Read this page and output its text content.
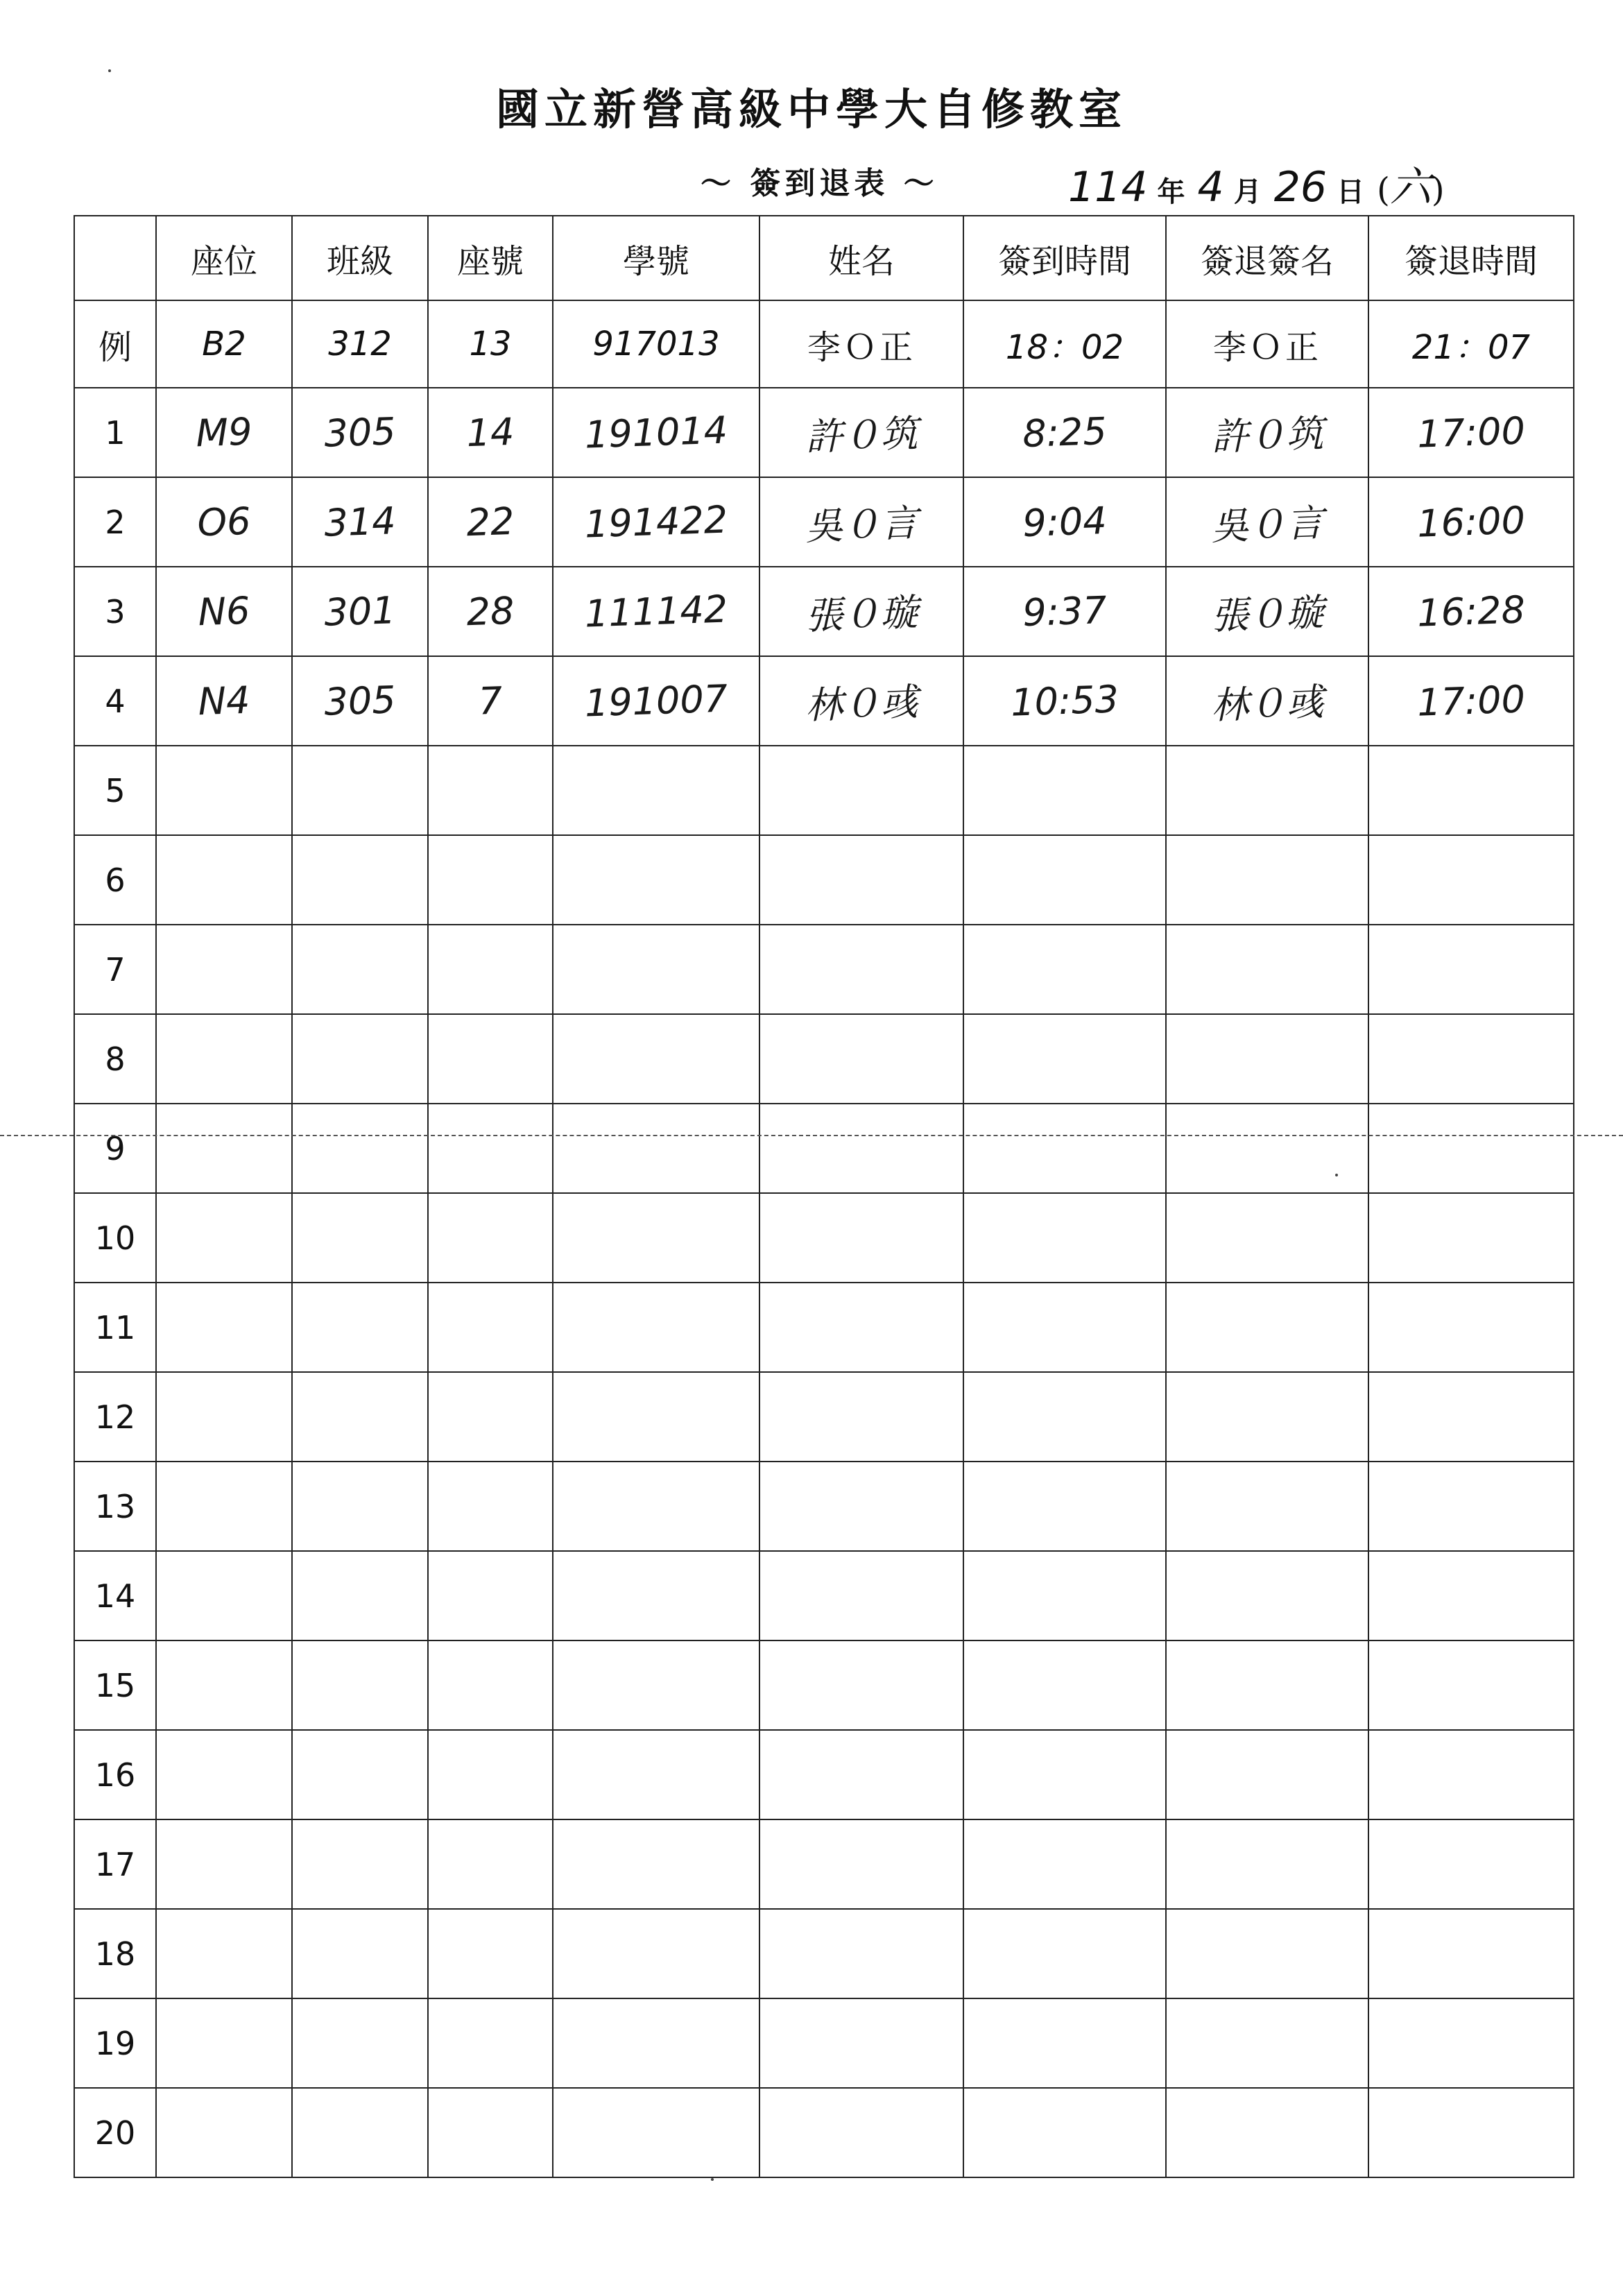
國立新營高級中學大自修教室
～ 簽到退表 ～	114 年 4 月 26 日 (六)
	座位	班級	座號	學號	姓名	簽到時間	簽退簽名	簽退時間
例	B2	312	13	917013	李Ｏ正	18：02	李Ｏ正	21：07
1	M9	305	14	191014	許０筑	8:25	許０筑	17:00
2	O6	314	22	191422	吳０言	9:04	吳０言	16:00
3	N6	301	28	111142	張０璇	9:37	張０璇	16:28
4	N4	305	7	191007	林０彧	10:53	林０彧	17:00
5								
6								
7								
8								
9								
10								
11								
12								
13								
14								
15								
16								
17								
18								
19								
20								
